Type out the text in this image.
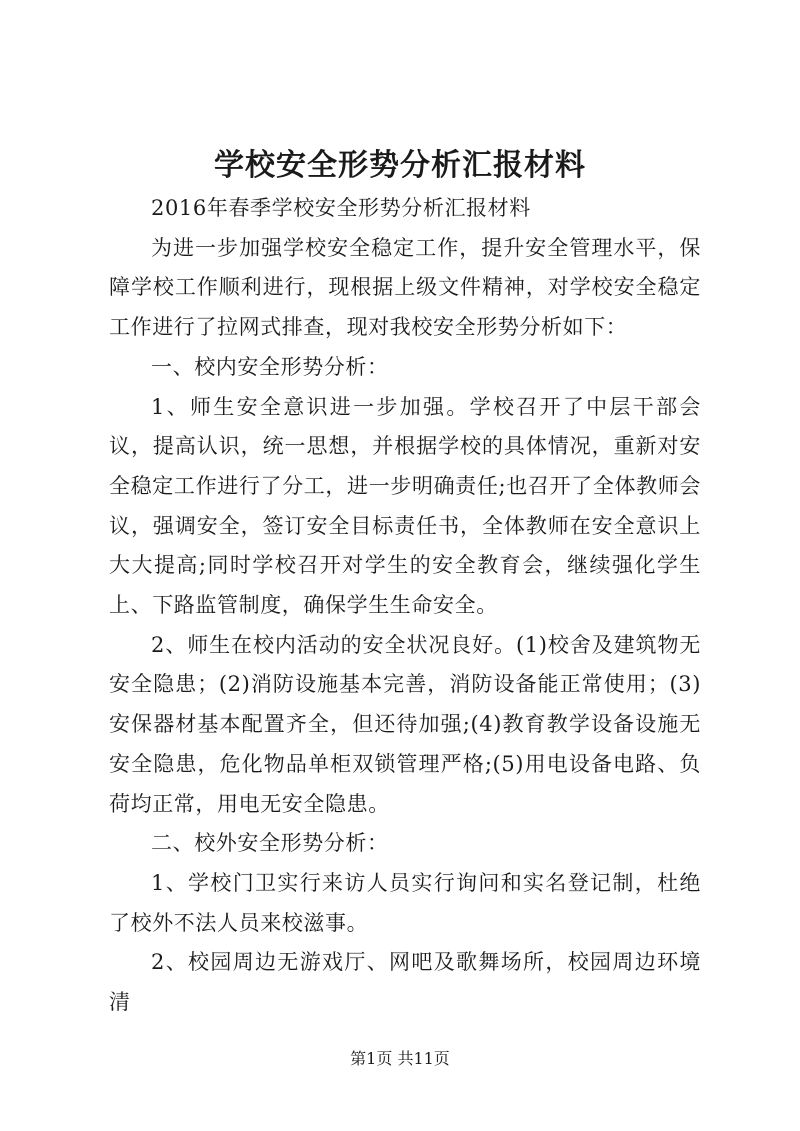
学校安全形势分析汇报材料

2016年春季学校安全形势分析汇报材料

为进一步加强学校安全稳定工作，提升安全管理水平，保障学校工作顺利进行，现根据上级文件精神，对学校安全稳定工作进行了拉网式排查，现对我校安全形势分析如下：

一、校内安全形势分析：

1、师生安全意识进一步加强。学校召开了中层干部会议，提高认识，统一思想，并根据学校的具体情况，重新对安全稳定工作进行了分工，进一步明确责任;也召开了全体教师会议，强调安全，签订安全目标责任书，全体教师在安全意识上大大提高;同时学校召开对学生的安全教育会，继续强化学生上、下路监管制度，确保学生生命安全。

2、师生在校内活动的安全状况良好。(1)校舍及建筑物无安全隐患；(2)消防设施基本完善，消防设备能正常使用；(3)安保器材基本配置齐全，但还待加强;(4)教育教学设备设施无安全隐患，危化物品单柜双锁管理严格;(5)用电设备电路、负荷均正常，用电无安全隐患。

二、校外安全形势分析：

1、学校门卫实行来访人员实行询问和实名登记制，杜绝了校外不法人员来校滋事。

2、校园周边无游戏厅、网吧及歌舞场所，校园周边环境清

第1页 共11页
